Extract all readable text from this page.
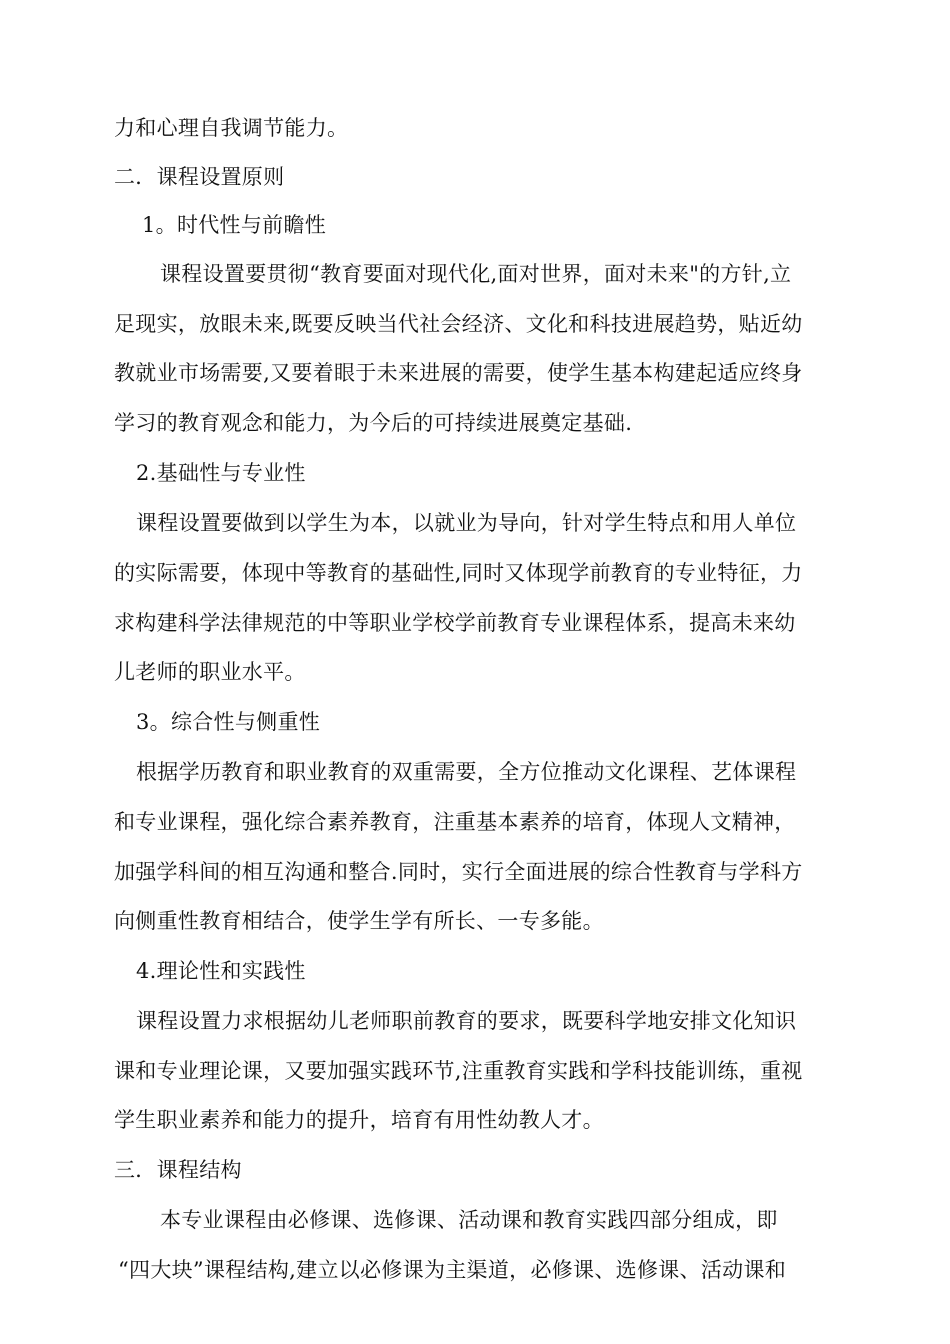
力和心理自我调节能力。
二．课程设置原则
1。时代性与前瞻性
课程设置要贯彻“教育要面对现代化,面对世界，面对未来"的方针,立
足现实，放眼未来,既要反映当代社会经济、文化和科技进展趋势，贴近幼
教就业市场需要,又要着眼于未来进展的需要，使学生基本构建起适应终身
学习的教育观念和能力，为今后的可持续进展奠定基础.
2.基础性与专业性
课程设置要做到以学生为本，以就业为导向，针对学生特点和用人单位
的实际需要，体现中等教育的基础性,同时又体现学前教育的专业特征，力
求构建科学法律规范的中等职业学校学前教育专业课程体系，提高未来幼
儿老师的职业水平。
3。综合性与侧重性
根据学历教育和职业教育的双重需要，全方位推动文化课程、艺体课程
和专业课程，强化综合素养教育，注重基本素养的培育，体现人文精神，
加强学科间的相互沟通和整合.同时，实行全面进展的综合性教育与学科方
向侧重性教育相结合，使学生学有所长、一专多能。
4.理论性和实践性
课程设置力求根据幼儿老师职前教育的要求，既要科学地安排文化知识
课和专业理论课，又要加强实践环节,注重教育实践和学科技能训练，重视
学生职业素养和能力的提升，培育有用性幼教人才。
三．课程结构
本专业课程由必修课、选修课、活动课和教育实践四部分组成，即
“四大块”课程结构,建立以必修课为主渠道，必修课、选修课、活动课和
